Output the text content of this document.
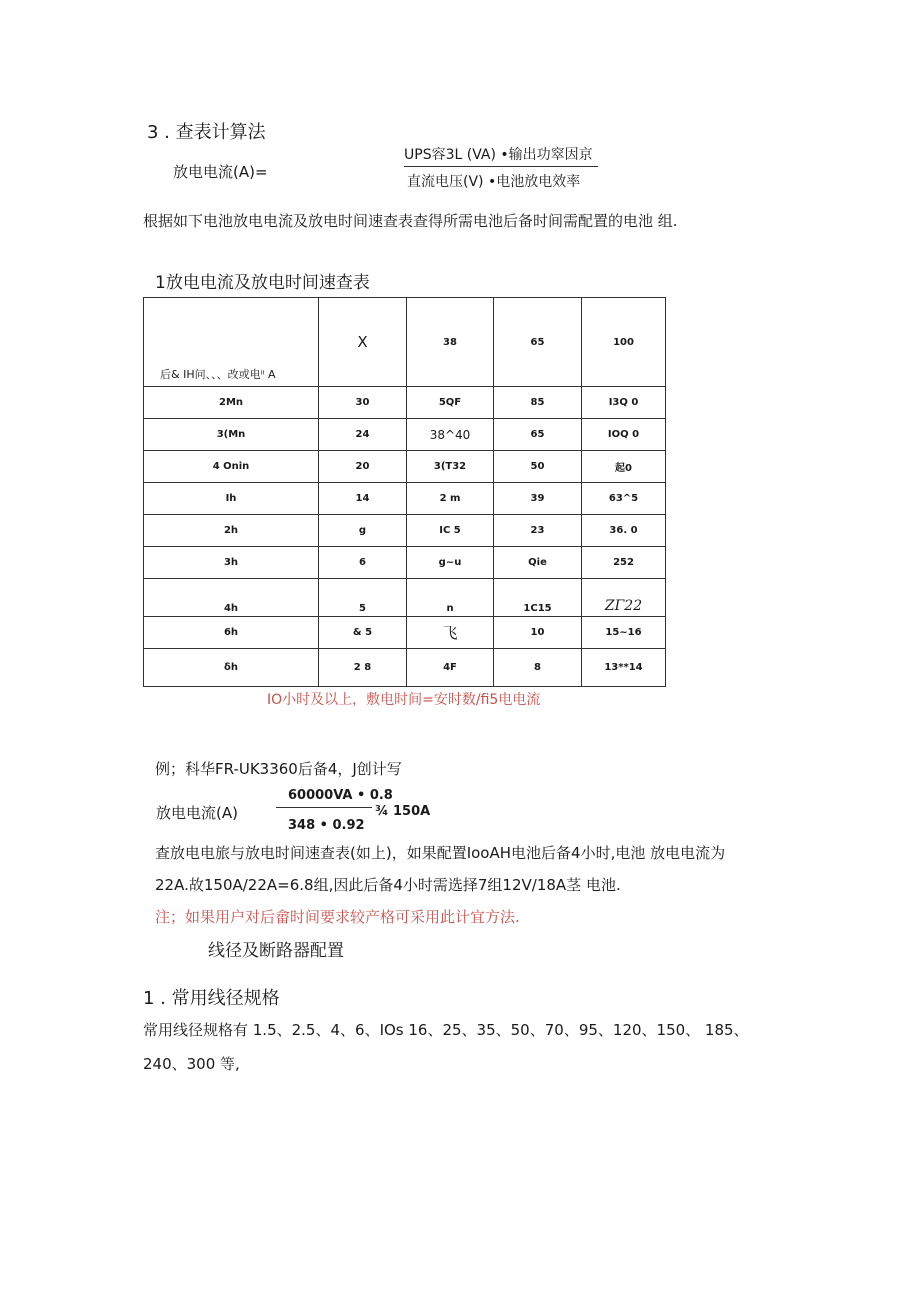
3 . 查表计算法
放电电流(A)=
UPS容3L (VA) •输出功窣因京
直流电压(V) •电池放电效率
根据如下电池放电电流及放电时间速查表查得所需电池后备时间需配置的电池 组.
1放电电流及放电时间速查表
后& IH问、、、改或电ⁱⁱ A	X	38	65	100
2Mn	30	5QF	85	I3Q 0
3(Mn	24	38^40	65	IOQ 0
4 Onin	20	3(T32	50	起0
Ih	14	2 m	39	63^5
2h	g	IC 5	23	36. 0
3h	6	g~u	Qie	252
4h	5	n	1C15	ZΓ22
6h	& 5	飞	10	15~16
δh	2 8	4F	8	13**14
IO小时及以上，敷电时间=安时数/fi5电电流
例；科华FR-UK3360后备4，J创计写
放电电流(A)
60000VA • 0.8
348 • 0.92
¾ 150A
查放电电旅与放电时间速查表(如上)，如果配置IooAH电池后备4小时,电池 放电电流为
22A.故150A/22A=6.8组,因此后备4小时需选择7组12V/18A茎 电池.
注；如果用户对后畲时间要求较产格可采用此计宜方法.
线径及断路器配置
1 . 常用线径规格
常用线径规格有 1.5、2.5、4、6、IOs 16、25、35、50、70、95、120、150、 185、
240、300 等,
